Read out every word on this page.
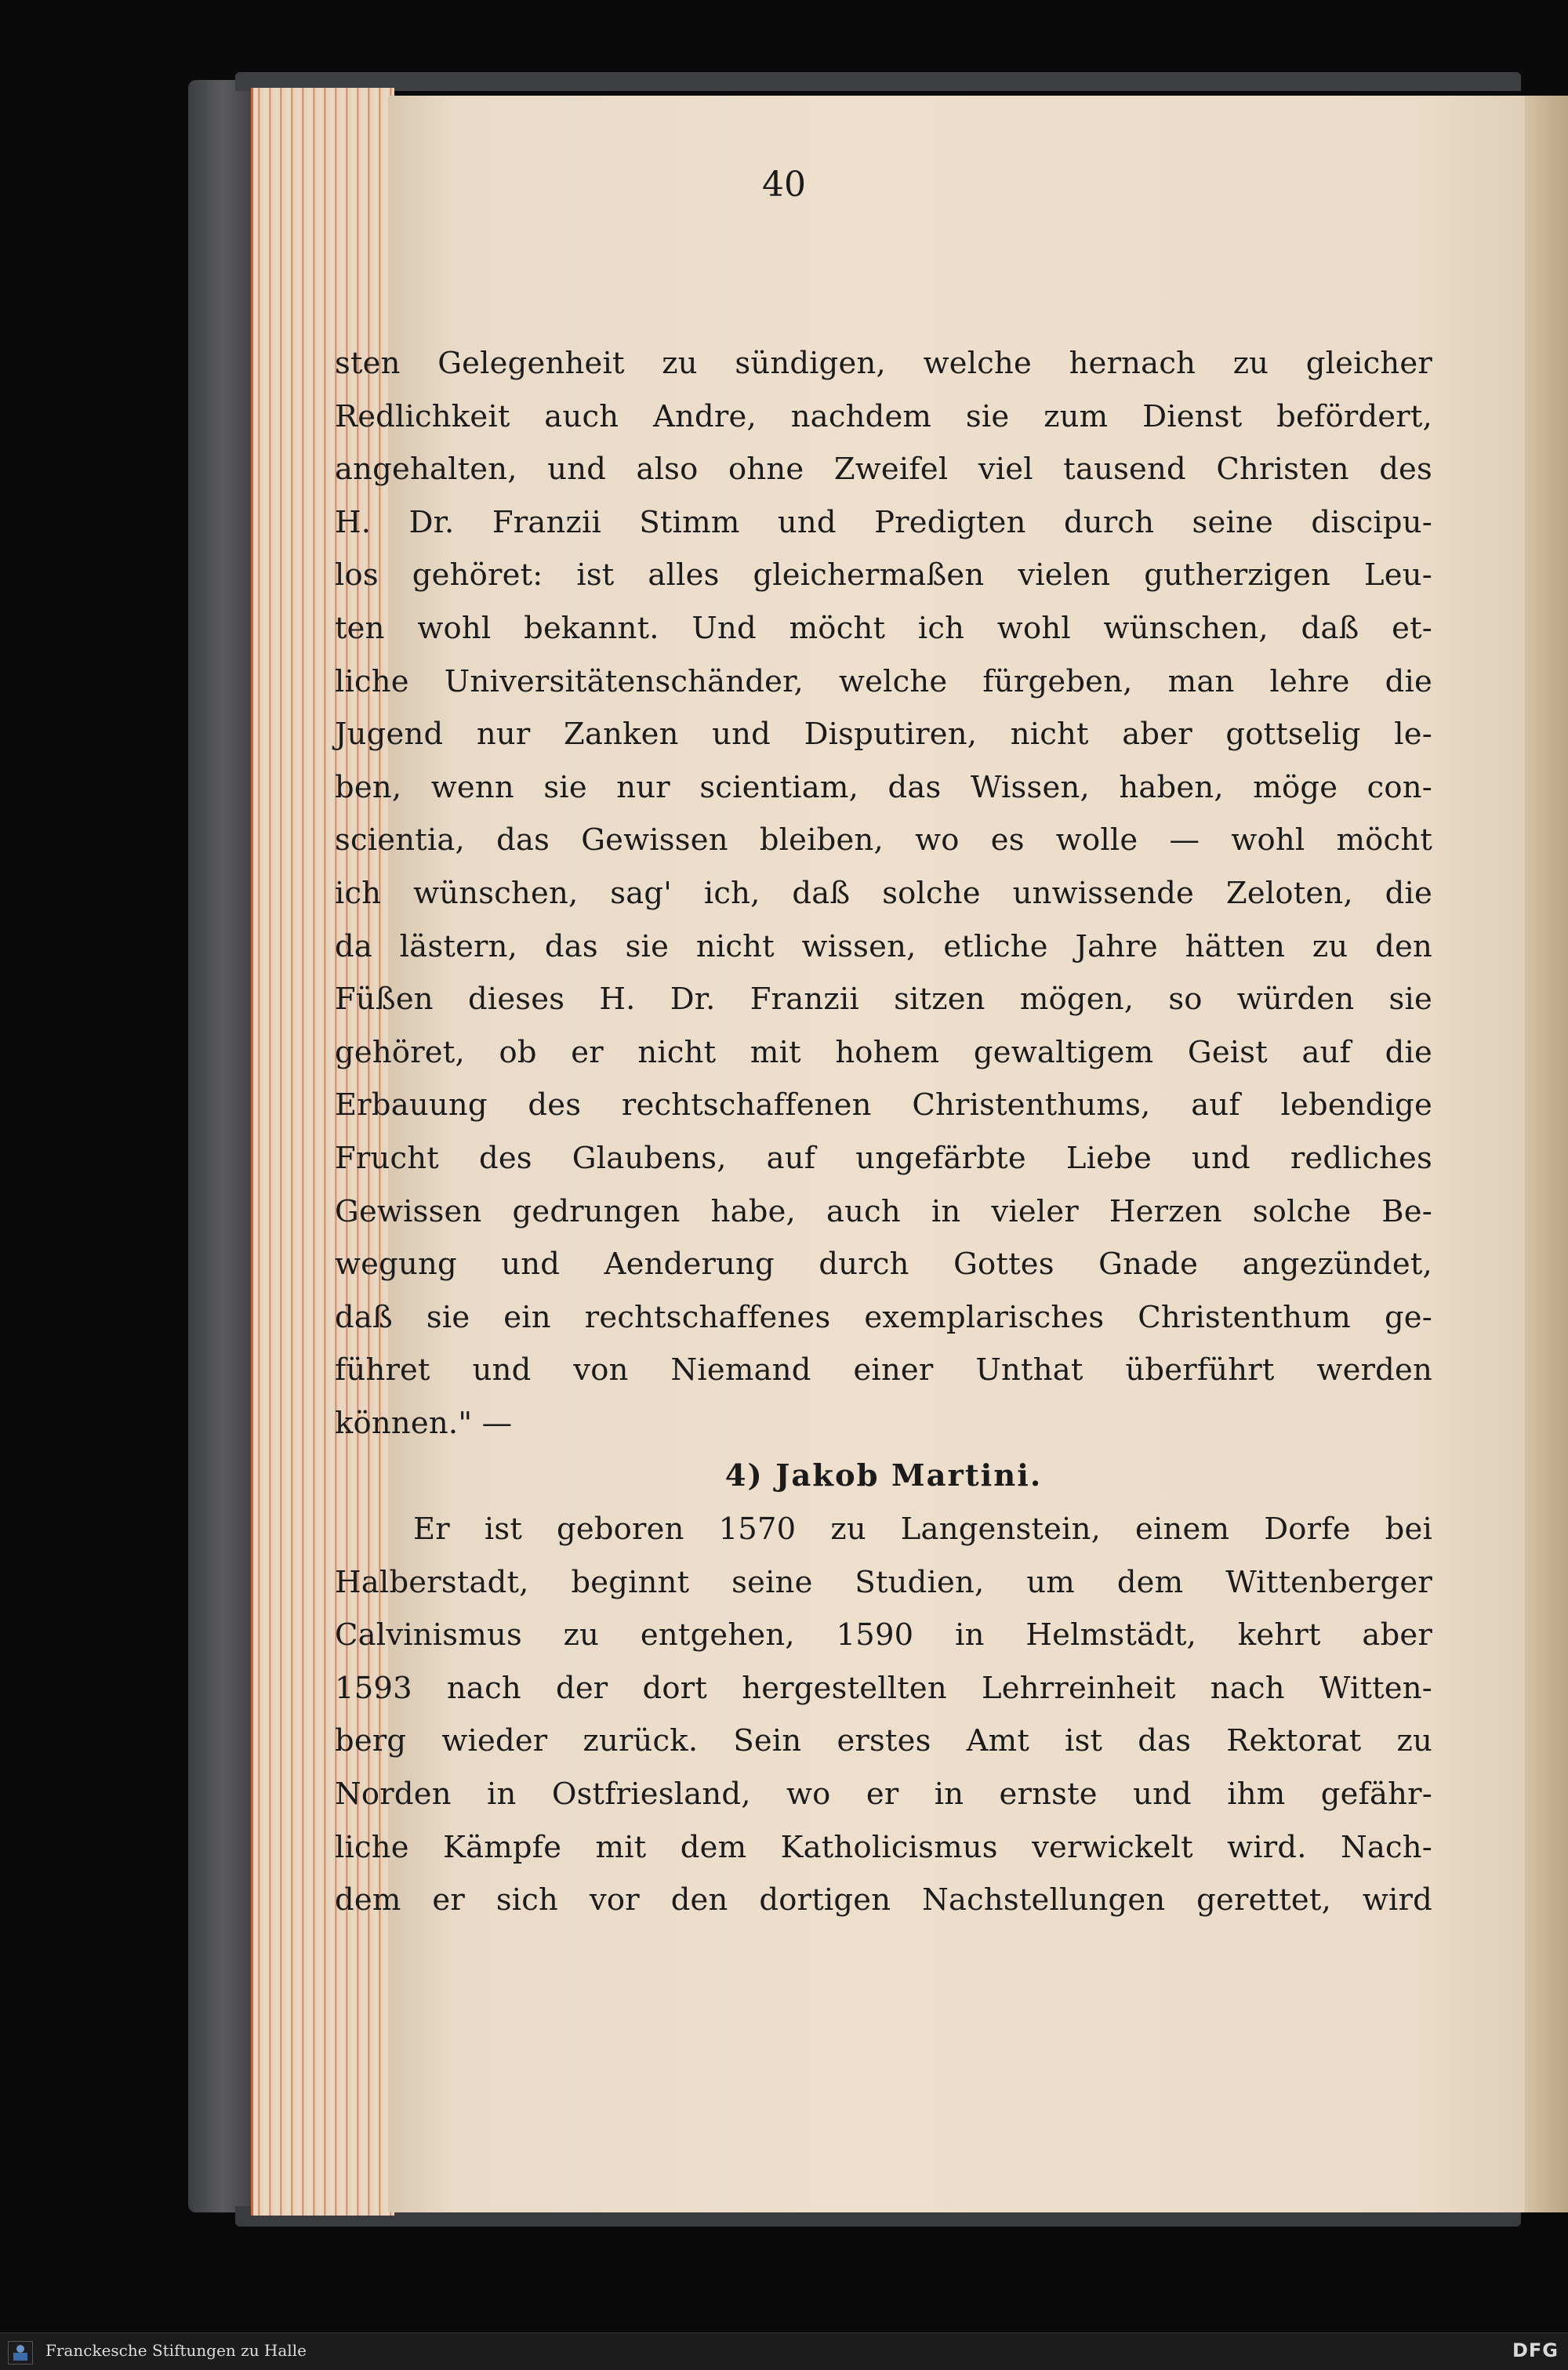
40
sten Gelegenheit zu sündigen, welche hernach zu gleicher
Redlichkeit auch Andre, nachdem sie zum Dienst befördert,
angehalten, und also ohne Zweifel viel tausend Christen des
H. Dr. Franzii Stimm und Predigten durch seine discipu-
los gehöret: ist alles gleichermaßen vielen gutherzigen Leu-
ten wohl bekannt. Und möcht ich wohl wünschen, daß et-
liche Universitätenschänder, welche fürgeben, man lehre die
Jugend nur Zanken und Disputiren, nicht aber gottselig le-
ben, wenn sie nur scientiam, das Wissen, haben, möge con-
scientia, das Gewissen bleiben, wo es wolle — wohl möcht
ich wünschen, sag' ich, daß solche unwissende Zeloten, die
da lästern, das sie nicht wissen, etliche Jahre hätten zu den
Füßen dieses H. Dr. Franzii sitzen mögen, so würden sie
gehöret, ob er nicht mit hohem gewaltigem Geist auf die
Erbauung des rechtschaffenen Christenthums, auf lebendige
Frucht des Glaubens, auf ungefärbte Liebe und redliches
Gewissen gedrungen habe, auch in vieler Herzen solche Be-
wegung und Aenderung durch Gottes Gnade angezündet,
daß sie ein rechtschaffenes exemplarisches Christenthum ge-
führet und von Niemand einer Unthat überführt werden
können." —
4) Jakob Martini.
Er ist geboren 1570 zu Langenstein, einem Dorfe bei
Halberstadt, beginnt seine Studien, um dem Wittenberger
Calvinismus zu entgehen, 1590 in Helmstädt, kehrt aber
1593 nach der dort hergestellten Lehrreinheit nach Witten-
berg wieder zurück. Sein erstes Amt ist das Rektorat zu
Norden in Ostfriesland, wo er in ernste und ihm gefähr-
liche Kämpfe mit dem Katholicismus verwickelt wird. Nach-
dem er sich vor den dortigen Nachstellungen gerettet, wird
Franckesche Stiftungen zu Halle	DFG
